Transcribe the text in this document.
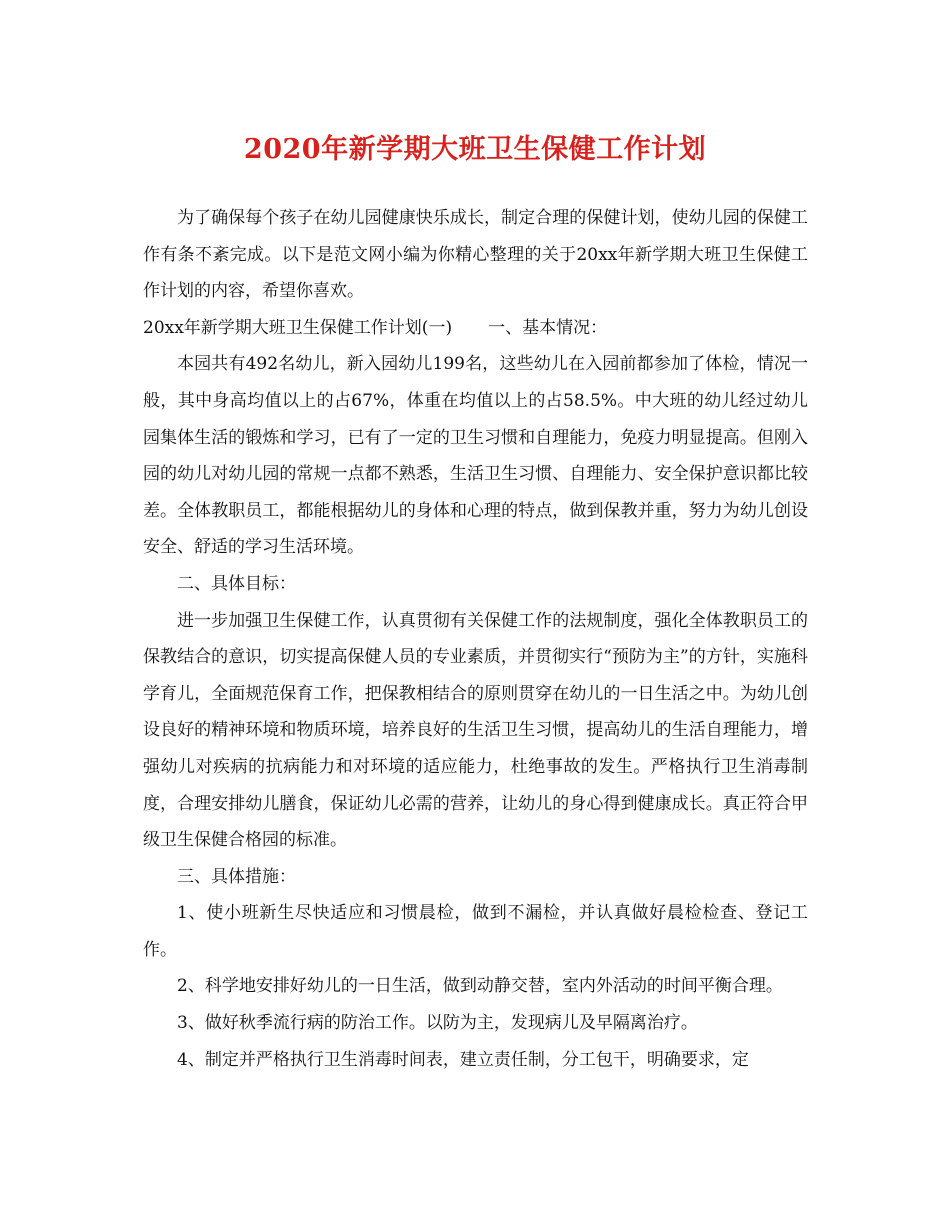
2020年新学期大班卫生保健工作计划

为了确保每个孩子在幼儿园健康快乐成长，制定合理的保健计划，使幼儿园的保健工作有条不紊完成。以下是范文网小编为你精心整理的关于20xx年新学期大班卫生保健工作计划的内容，希望你喜欢。

20xx年新学期大班卫生保健工作计划(一) 一、基本情况：

本园共有492名幼儿，新入园幼儿199名，这些幼儿在入园前都参加了体检，情况一般，其中身高均值以上的占67%，体重在均值以上的占58.5%。中大班的幼儿经过幼儿园集体生活的锻炼和学习，已有了一定的卫生习惯和自理能力，免疫力明显提高。但刚入园的幼儿对幼儿园的常规一点都不熟悉，生活卫生习惯、自理能力、安全保护意识都比较差。全体教职员工，都能根据幼儿的身体和心理的特点，做到保教并重，努力为幼儿创设安全、舒适的学习生活环境。

二、具体目标：

进一步加强卫生保健工作，认真贯彻有关保健工作的法规制度，强化全体教职员工的保教结合的意识，切实提高保健人员的专业素质，并贯彻实行“预防为主”的方针，实施科学育儿，全面规范保育工作，把保教相结合的原则贯穿在幼儿的一日生活之中。为幼儿创设良好的精神环境和物质环境，培养良好的生活卫生习惯，提高幼儿的生活自理能力，增强幼儿对疾病的抗病能力和对环境的适应能力，杜绝事故的发生。严格执行卫生消毒制度，合理安排幼儿膳食，保证幼儿必需的营养，让幼儿的身心得到健康成长。真正符合甲级卫生保健合格园的标准。

三、具体措施：

1、使小班新生尽快适应和习惯晨检，做到不漏检，并认真做好晨检检查、登记工作。

2、科学地安排好幼儿的一日生活，做到动静交替，室内外活动的时间平衡合理。

3、做好秋季流行病的防治工作。以防为主，发现病儿及早隔离治疗。

4、制定并严格执行卫生消毒时间表，建立责任制，分工包干，明确要求，定
